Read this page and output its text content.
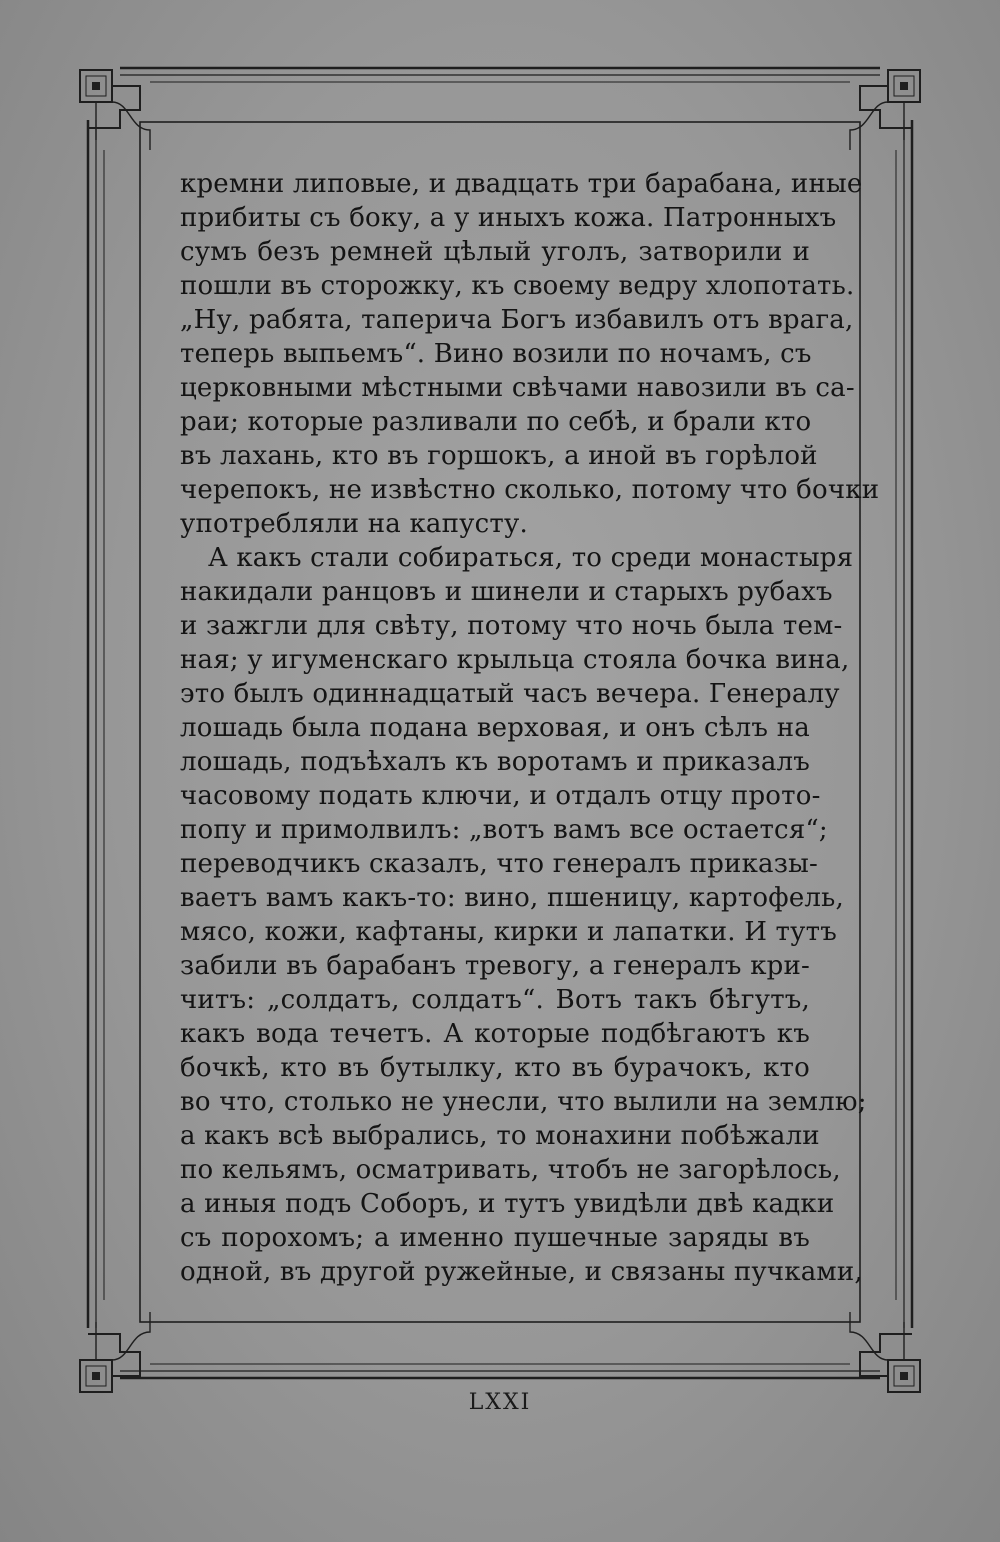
кремни липовые, и двадцать три барабана, иные
прибиты съ боку, а у иныхъ кожа. Патронныхъ
сумъ безъ ремней цѣлый уголъ, затворили и
пошли въ сторожку, къ своему ведру хлопотать.
„Ну, рабята, таперича Богъ избавилъ отъ врага,
теперь выпьемъ“. Вино возили по ночамъ, съ
церковными мѣстными свѣчами навозили въ са-
раи; которые разливали по себѣ, и брали кто
въ лахань, кто въ горшокъ, а иной въ горѣлой
черепокъ, не извѣстно сколько, потому что бочки
употребляли на капусту.
А какъ стали собираться, то среди монастыря
накидали ранцовъ и шинели и старыхъ рубахъ
и зажгли для свѣту, потому что ночь была тем-
ная; у игуменскаго крыльца стояла бочка вина,
это былъ одиннадцатый часъ вечера. Генералу
лошадь была подана верховая, и онъ сѣлъ на
лошадь, подъѣхалъ къ воротамъ и приказалъ
часовому подать ключи, и отдалъ отцу прото-
попу и примолвилъ: „вотъ вамъ все остается“;
переводчикъ сказалъ, что генералъ приказы-
ваетъ вамъ какъ-то: вино, пшеницу, картофель,
мясо, кожи, кафтаны, кирки и лапатки. И тутъ
забили въ барабанъ тревогу, а генералъ кри-
читъ: „солдатъ, солдатъ“. Вотъ такъ бѣгутъ,
какъ вода течетъ. А которые подбѣгаютъ къ
бочкѣ, кто въ бутылку, кто въ бурачокъ, кто
во что, столько не унесли, что вылили на землю;
а какъ всѣ выбрались, то монахини побѣжали
по кельямъ, осматривать, чтобъ не загорѣлось,
а иныя подъ Соборъ, и тутъ увидѣли двѣ кадки
съ порохомъ; а именно пушечные заряды въ
одной, въ другой ружейные, и связаны пучками,
LXXI
